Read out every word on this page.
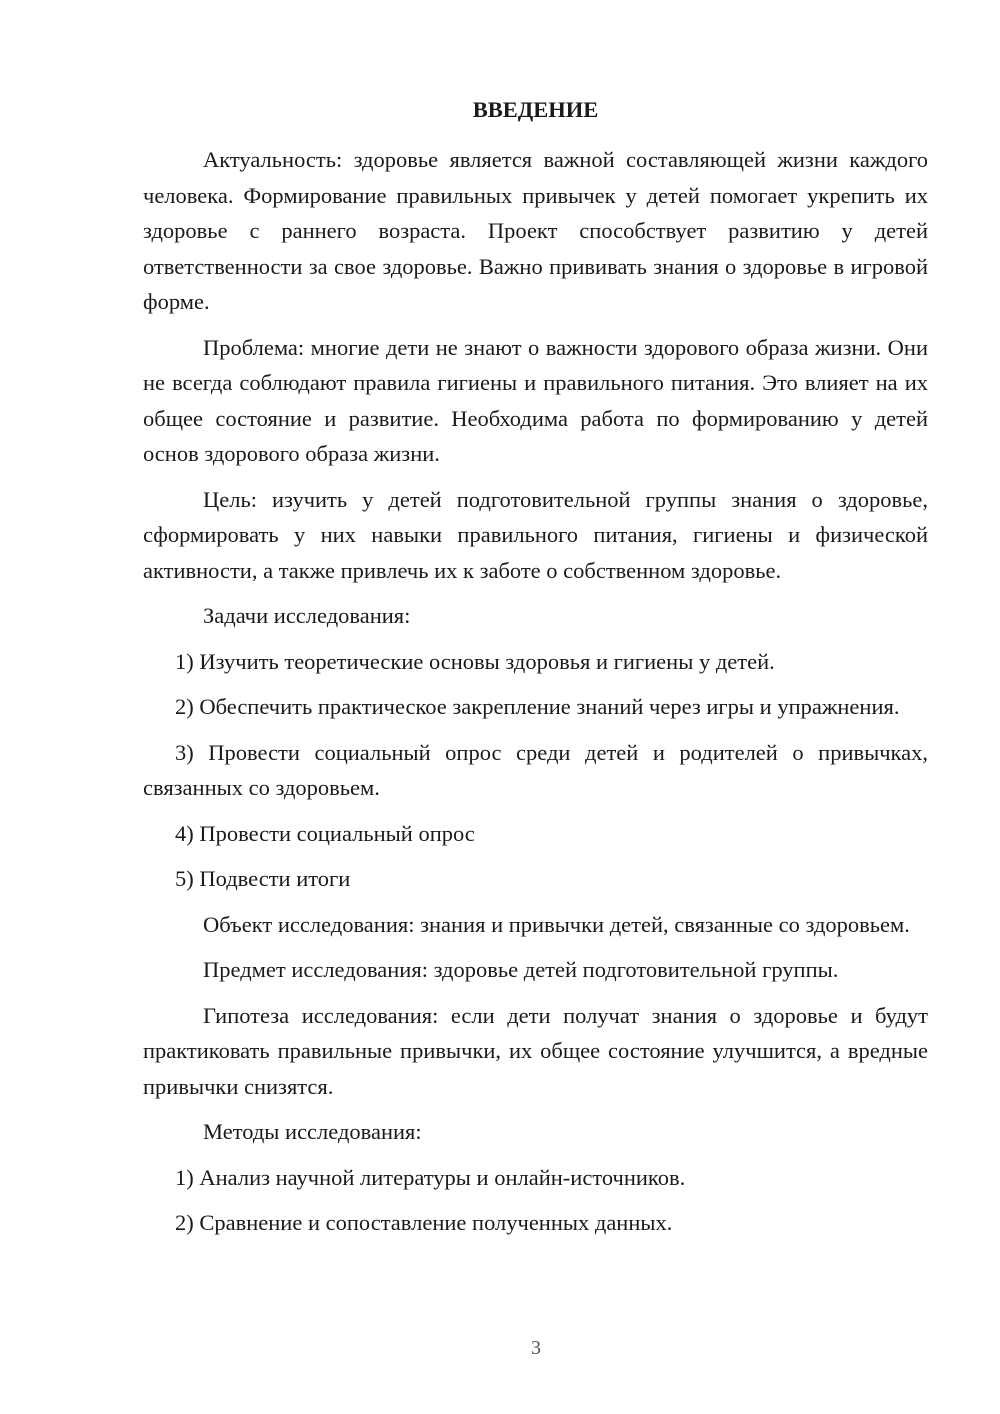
ВВЕДЕНИЕ

Актуальность: здоровье является важной составляющей жизни каждого человека. Формирование правильных привычек у детей помогает укрепить их здоровье с раннего возраста. Проект способствует развитию у детей ответственности за свое здоровье. Важно прививать знания о здоровье в игровой форме.

Проблема: многие дети не знают о важности здорового образа жизни. Они не всегда соблюдают правила гигиены и правильного питания. Это влияет на их общее состояние и развитие. Необходима работа по формированию у детей основ здорового образа жизни.

Цель: изучить у детей подготовительной группы знания о здоровье, сформировать у них навыки правильного питания, гигиены и физической активности, а также привлечь их к заботе о собственном здоровье.

Задачи исследования:

1) Изучить теоретические основы здоровья и гигиены у детей.

2) Обеспечить практическое закрепление знаний через игры и упражнения.

3) Провести социальный опрос среди детей и родителей о привычках, связанных со здоровьем.

4) Провести социальный опрос

5) Подвести итоги

Объект исследования: знания и привычки детей, связанные со здоровьем.

Предмет исследования: здоровье детей подготовительной группы.

Гипотеза исследования: если дети получат знания о здоровье и будут практиковать правильные привычки, их общее состояние улучшится, а вредные привычки снизятся.

Методы исследования:

1) Анализ научной литературы и онлайн-источников.

2) Сравнение и сопоставление полученных данных.

3
